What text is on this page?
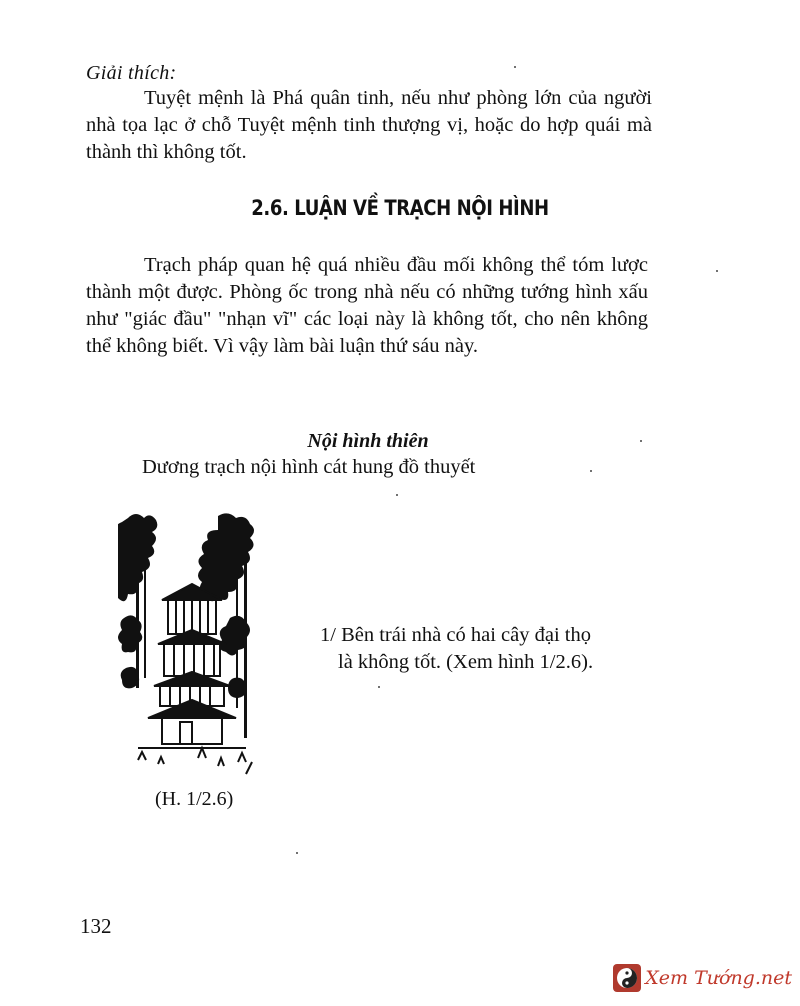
Giải thích:
Tuyệt mệnh là Phá quân tinh, nếu như phòng lớn của người nhà tọa lạc ở chỗ Tuyệt mệnh tinh thượng vị, hoặc do hợp quái mà thành thì không tốt.
2.6. LUẬN VỀ TRẠCH NỘI HÌNH
Trạch pháp quan hệ quá nhiều đầu mối không thể tóm lược thành một được. Phòng ốc trong nhà nếu có những tướng hình xấu như "giác đầu" "nhạn vĩ" các loại này là không tốt, cho nên không thể không biết. Vì vậy làm bài luận thứ sáu này.
Nội hình thiên
Dương trạch nội hình cát hung đồ thuyết
(H. 1/2.6)
1/ Bên trái nhà có hai cây đại thọ
là không tốt. (Xem hình 1/2.6).
132
Xem Tướng.net
